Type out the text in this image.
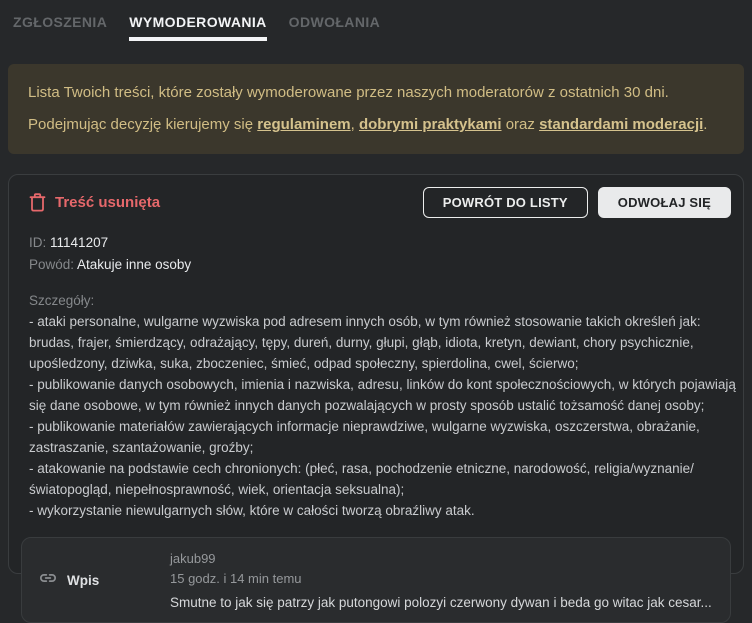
ZGŁOSZENIA WYMODEROWANIA ODWOŁANIA

Lista Twoich treści, które zostały wymoderowane przez naszych moderatorów z ostatnich 30 dni.

Podejmując decyzję kierujemy się regulaminem, dobrymi praktykami oraz standardami moderacji.

Treść usunięta	POWRÓT DO LISTY	ODWOŁAJ SIĘ
ID: 11141207
Powód: Atakuje inne osoby
Szczegóły:
- ataki personalne, wulgarne wyzwiska pod adresem innych osób, w tym również stosowanie takich określeń jak: brudas, frajer, śmierdzący, odrażający, tępy, dureń, durny, głupi, głąb, idiota, kretyn, dewiant, chory psychicznie, upośledzony, dziwka, suka, zboczeniec, śmieć, odpad społeczny, spierdolina, cwel, ścierwo;
- publikowanie danych osobowych, imienia i nazwiska, adresu, linków do kont społecznościowych, w których pojawiają się dane osobowe, w tym również innych danych pozwalających w prosty sposób ustalić tożsamość danej osoby;
- publikowanie materiałów zawierających informacje nieprawdziwe, wulgarne wyzwiska, oszczerstwa, obrażanie, zastraszanie, szantażowanie, groźby;
- atakowanie na podstawie cech chronionych: (płeć, rasa, pochodzenie etniczne, narodowość, religia/wyznanie/światopogląd, niepełnosprawność, wiek, orientacja seksualna);
- wykorzystanie niewulgarnych słów, które w całości tworzą obraźliwy atak.
Wpis
jakub99
15 godz. i 14 min temu
Smutne to jak się patrzy jak putongowi polozyi czerwony dywan i beda go witac jak cesar...
